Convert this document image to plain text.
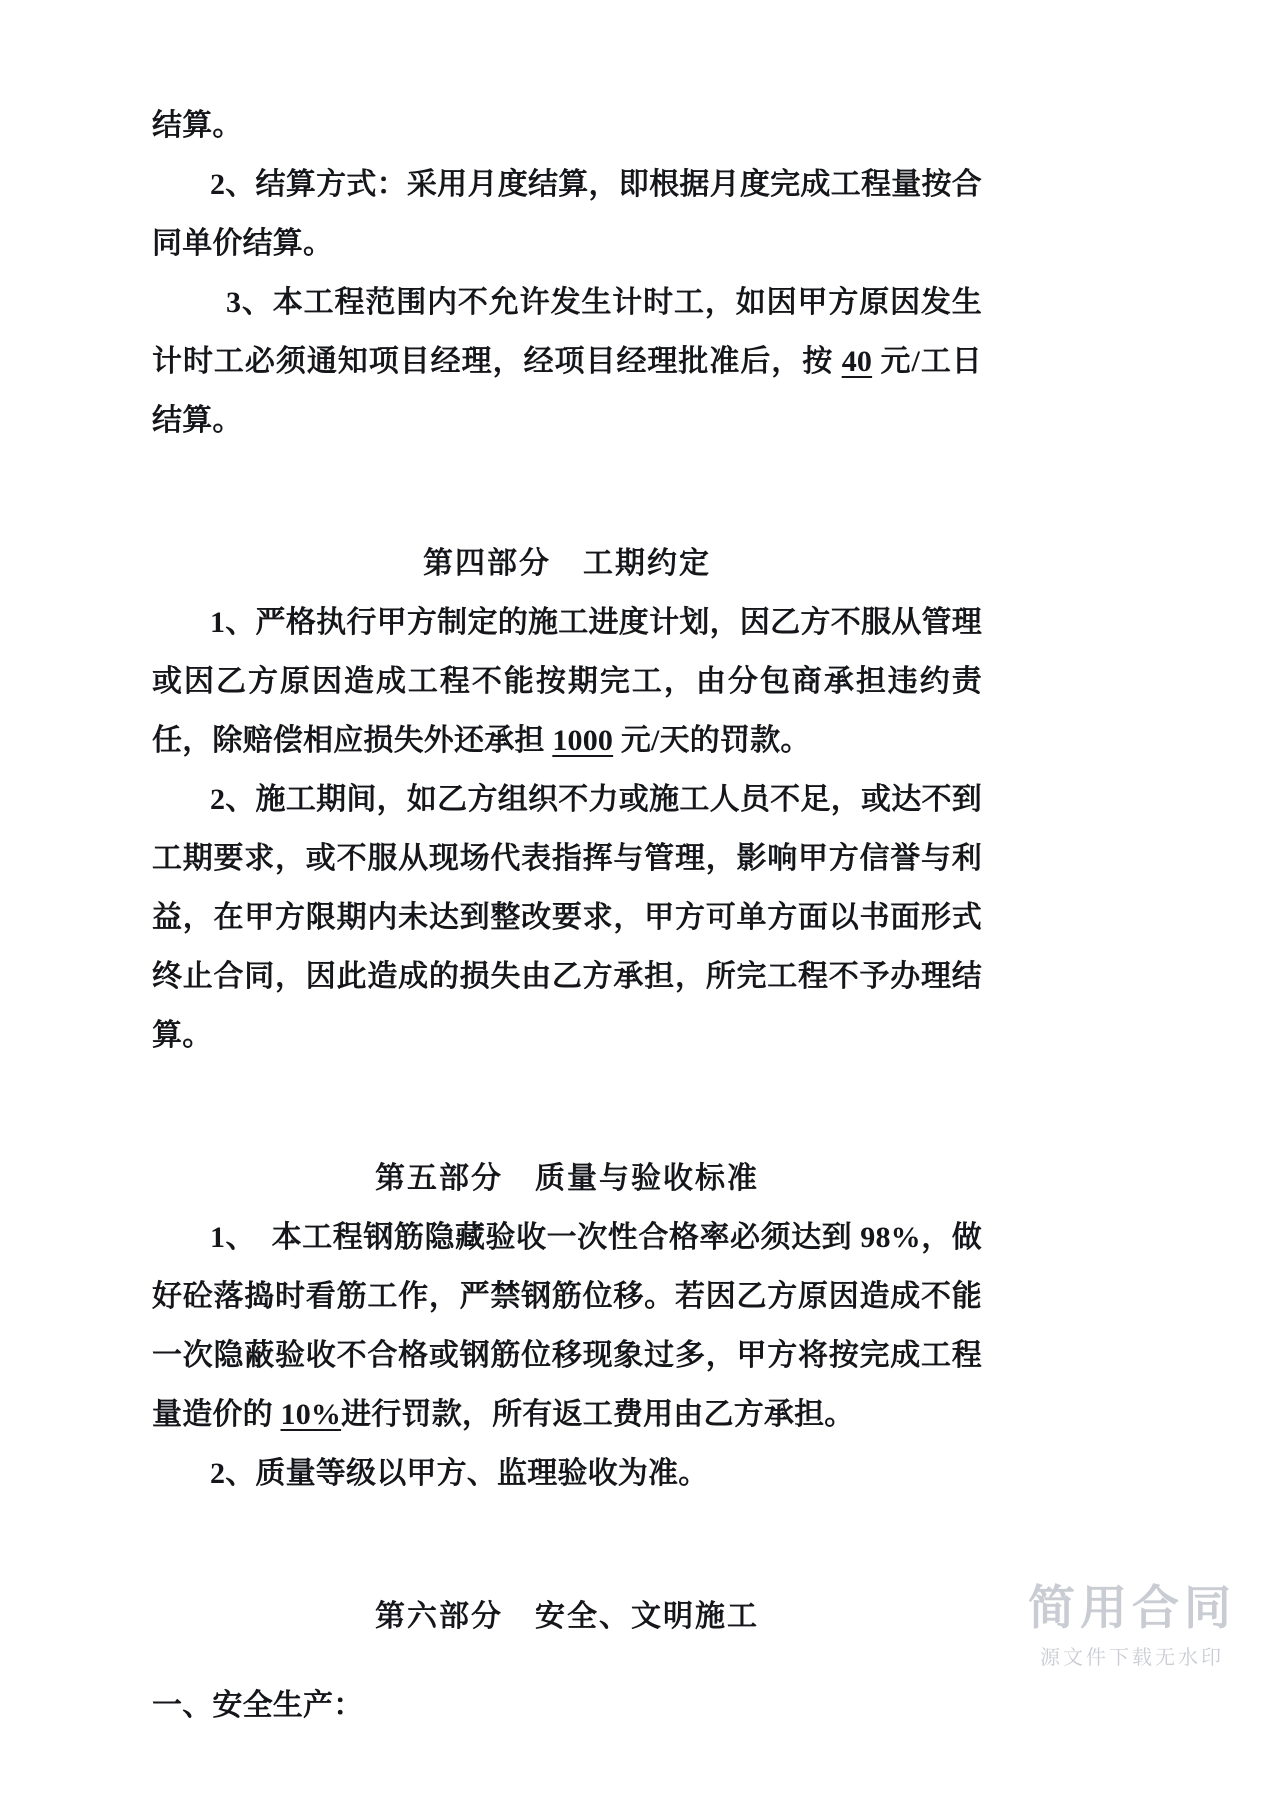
结算。

2、结算方式：采用月度结算，即根据月度完成工程量按合同单价结算。

3、本工程范围内不允许发生计时工，如因甲方原因发生计时工必须通知项目经理，经项目经理批准后，按 40 元/工日结算。

第四部分　工期约定

1、严格执行甲方制定的施工进度计划，因乙方不服从管理或因乙方原因造成工程不能按期完工，由分包商承担违约责任，除赔偿相应损失外还承担 1000 元/天的罚款。

2、施工期间，如乙方组织不力或施工人员不足，或达不到工期要求，或不服从现场代表指挥与管理，影响甲方信誉与利益，在甲方限期内未达到整改要求，甲方可单方面以书面形式终止合同，因此造成的损失由乙方承担，所完工程不予办理结算。

第五部分　质量与验收标准

1、　本工程钢筋隐藏验收一次性合格率必须达到 98%，做好砼落捣时看筋工作，严禁钢筋位移。若因乙方原因造成不能一次隐蔽验收不合格或钢筋位移现象过多，甲方将按完成工程量造价的 10%进行罚款，所有返工费用由乙方承担。

2、质量等级以甲方、监理验收为准。

第六部分　安全、文明施工

一、安全生产：

简用合同
源文件下载无水印
